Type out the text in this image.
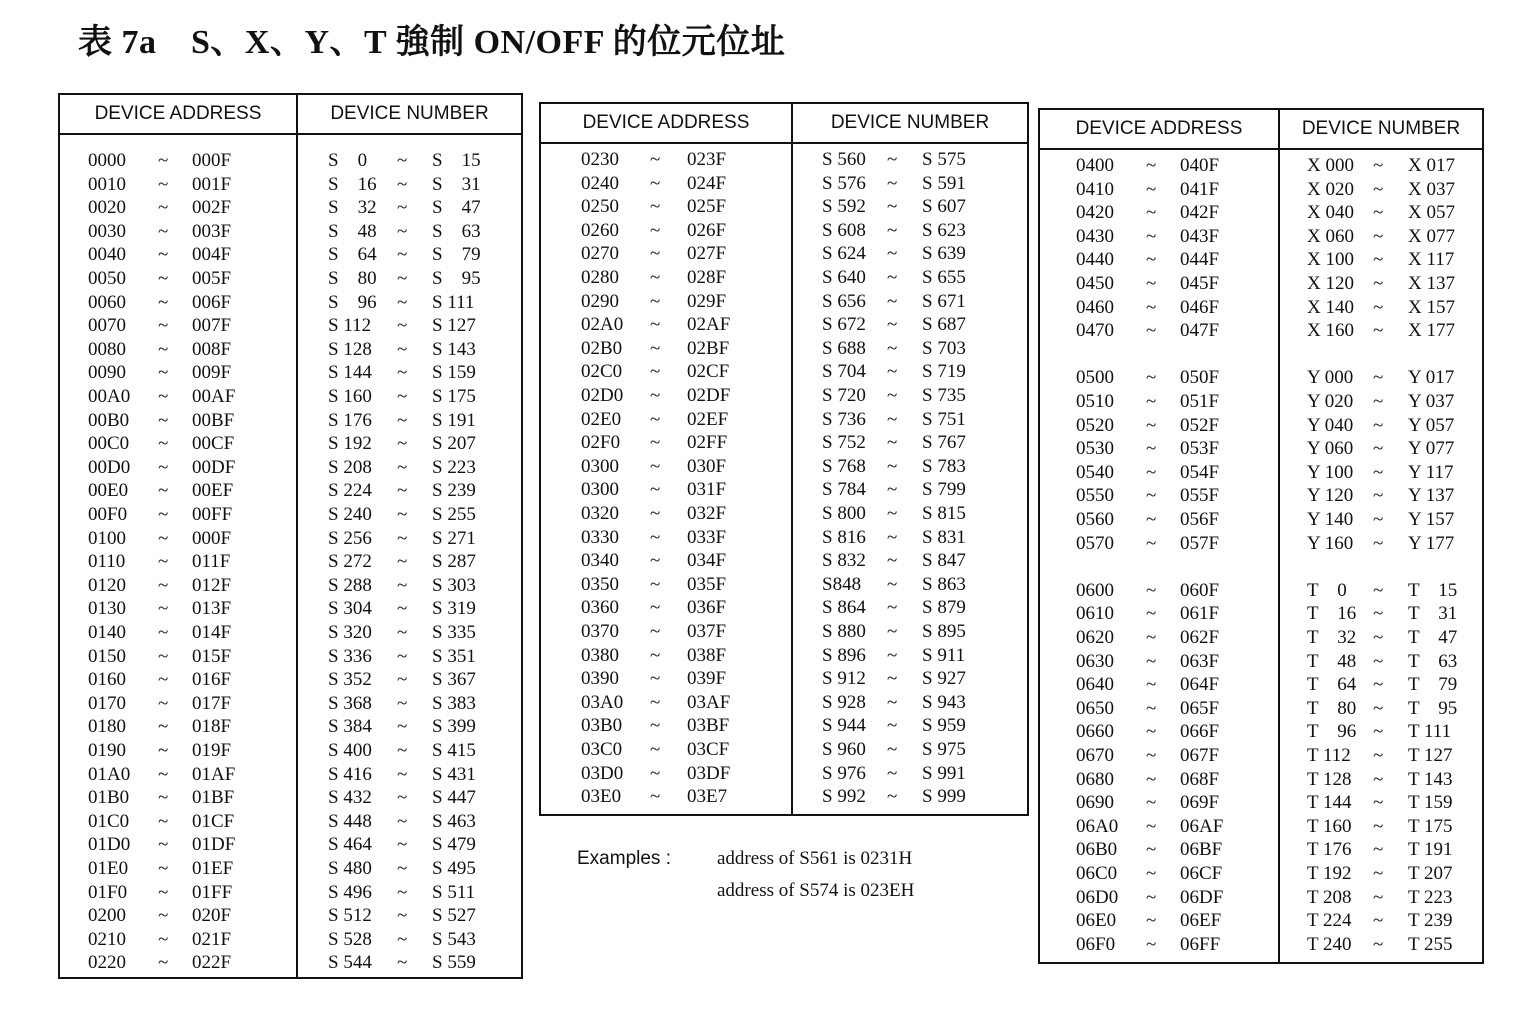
表 7a　S、X、Y、T 強制 ON/OFF 的位元位址
DEVICE ADDRESS	DEVICE NUMBER
0000 ~ 000F	S　0 ~ S　15
0010 ~ 001F	S　16 ~ S　31
0020 ~ 002F	S　32 ~ S　47
0030 ~ 003F	S　48 ~ S　63
0040 ~ 004F	S　64 ~ S　79
0050 ~ 005F	S　80 ~ S　95
0060 ~ 006F	S　96 ~ S 111
0070 ~ 007F	S 112 ~ S 127
0080 ~ 008F	S 128 ~ S 143
0090 ~ 009F	S 144 ~ S 159
00A0 ~ 00AF	S 160 ~ S 175
00B0 ~ 00BF	S 176 ~ S 191
00C0 ~ 00CF	S 192 ~ S 207
00D0 ~ 00DF	S 208 ~ S 223
00E0 ~ 00EF	S 224 ~ S 239
00F0 ~ 00FF	S 240 ~ S 255
0100 ~ 000F	S 256 ~ S 271
0110 ~ 011F	S 272 ~ S 287
0120 ~ 012F	S 288 ~ S 303
0130 ~ 013F	S 304 ~ S 319
0140 ~ 014F	S 320 ~ S 335
0150 ~ 015F	S 336 ~ S 351
0160 ~ 016F	S 352 ~ S 367
0170 ~ 017F	S 368 ~ S 383
0180 ~ 018F	S 384 ~ S 399
0190 ~ 019F	S 400 ~ S 415
01A0 ~ 01AF	S 416 ~ S 431
01B0 ~ 01BF	S 432 ~ S 447
01C0 ~ 01CF	S 448 ~ S 463
01D0 ~ 01DF	S 464 ~ S 479
01E0 ~ 01EF	S 480 ~ S 495
01F0 ~ 01FF	S 496 ~ S 511
0200 ~ 020F	S 512 ~ S 527
0210 ~ 021F	S 528 ~ S 543
0220 ~ 022F	S 544 ~ S 559
DEVICE ADDRESS	DEVICE NUMBER
0230 ~ 023F	S 560 ~ S 575
0240 ~ 024F	S 576 ~ S 591
0250 ~ 025F	S 592 ~ S 607
0260 ~ 026F	S 608 ~ S 623
0270 ~ 027F	S 624 ~ S 639
0280 ~ 028F	S 640 ~ S 655
0290 ~ 029F	S 656 ~ S 671
02A0 ~ 02AF	S 672 ~ S 687
02B0 ~ 02BF	S 688 ~ S 703
02C0 ~ 02CF	S 704 ~ S 719
02D0 ~ 02DF	S 720 ~ S 735
02E0 ~ 02EF	S 736 ~ S 751
02F0 ~ 02FF	S 752 ~ S 767
0300 ~ 030F	S 768 ~ S 783
0300 ~ 031F	S 784 ~ S 799
0320 ~ 032F	S 800 ~ S 815
0330 ~ 033F	S 816 ~ S 831
0340 ~ 034F	S 832 ~ S 847
0350 ~ 035F	S848 ~ S 863
0360 ~ 036F	S 864 ~ S 879
0370 ~ 037F	S 880 ~ S 895
0380 ~ 038F	S 896 ~ S 911
0390 ~ 039F	S 912 ~ S 927
03A0 ~ 03AF	S 928 ~ S 943
03B0 ~ 03BF	S 944 ~ S 959
03C0 ~ 03CF	S 960 ~ S 975
03D0 ~ 03DF	S 976 ~ S 991
03E0 ~ 03E7	S 992 ~ S 999
DEVICE ADDRESS	DEVICE NUMBER
0400 ~ 040F	X 000 ~ X 017
0410 ~ 041F	X 020 ~ X 037
0420 ~ 042F	X 040 ~ X 057
0430 ~ 043F	X 060 ~ X 077
0440 ~ 044F	X 100 ~ X 117
0450 ~ 045F	X 120 ~ X 137
0460 ~ 046F	X 140 ~ X 157
0470 ~ 047F	X 160 ~ X 177
0500 ~ 050F	Y 000 ~ Y 017
0510 ~ 051F	Y 020 ~ Y 037
0520 ~ 052F	Y 040 ~ Y 057
0530 ~ 053F	Y 060 ~ Y 077
0540 ~ 054F	Y 100 ~ Y 117
0550 ~ 055F	Y 120 ~ Y 137
0560 ~ 056F	Y 140 ~ Y 157
0570 ~ 057F	Y 160 ~ Y 177
0600 ~ 060F	T　0 ~ T　15
0610 ~ 061F	T　16 ~ T　31
0620 ~ 062F	T　32 ~ T　47
0630 ~ 063F	T　48 ~ T　63
0640 ~ 064F	T　64 ~ T　79
0650 ~ 065F	T　80 ~ T　95
0660 ~ 066F	T　96 ~ T 111
0670 ~ 067F	T 112 ~ T 127
0680 ~ 068F	T 128 ~ T 143
0690 ~ 069F	T 144 ~ T 159
06A0 ~ 06AF	T 160 ~ T 175
06B0 ~ 06BF	T 176 ~ T 191
06C0 ~ 06CF	T 192 ~ T 207
06D0 ~ 06DF	T 208 ~ T 223
06E0 ~ 06EF	T 224 ~ T 239
06F0 ~ 06FF	T 240 ~ T 255
Examples : address of S561 is 0231H
address of S574 is 023EH
